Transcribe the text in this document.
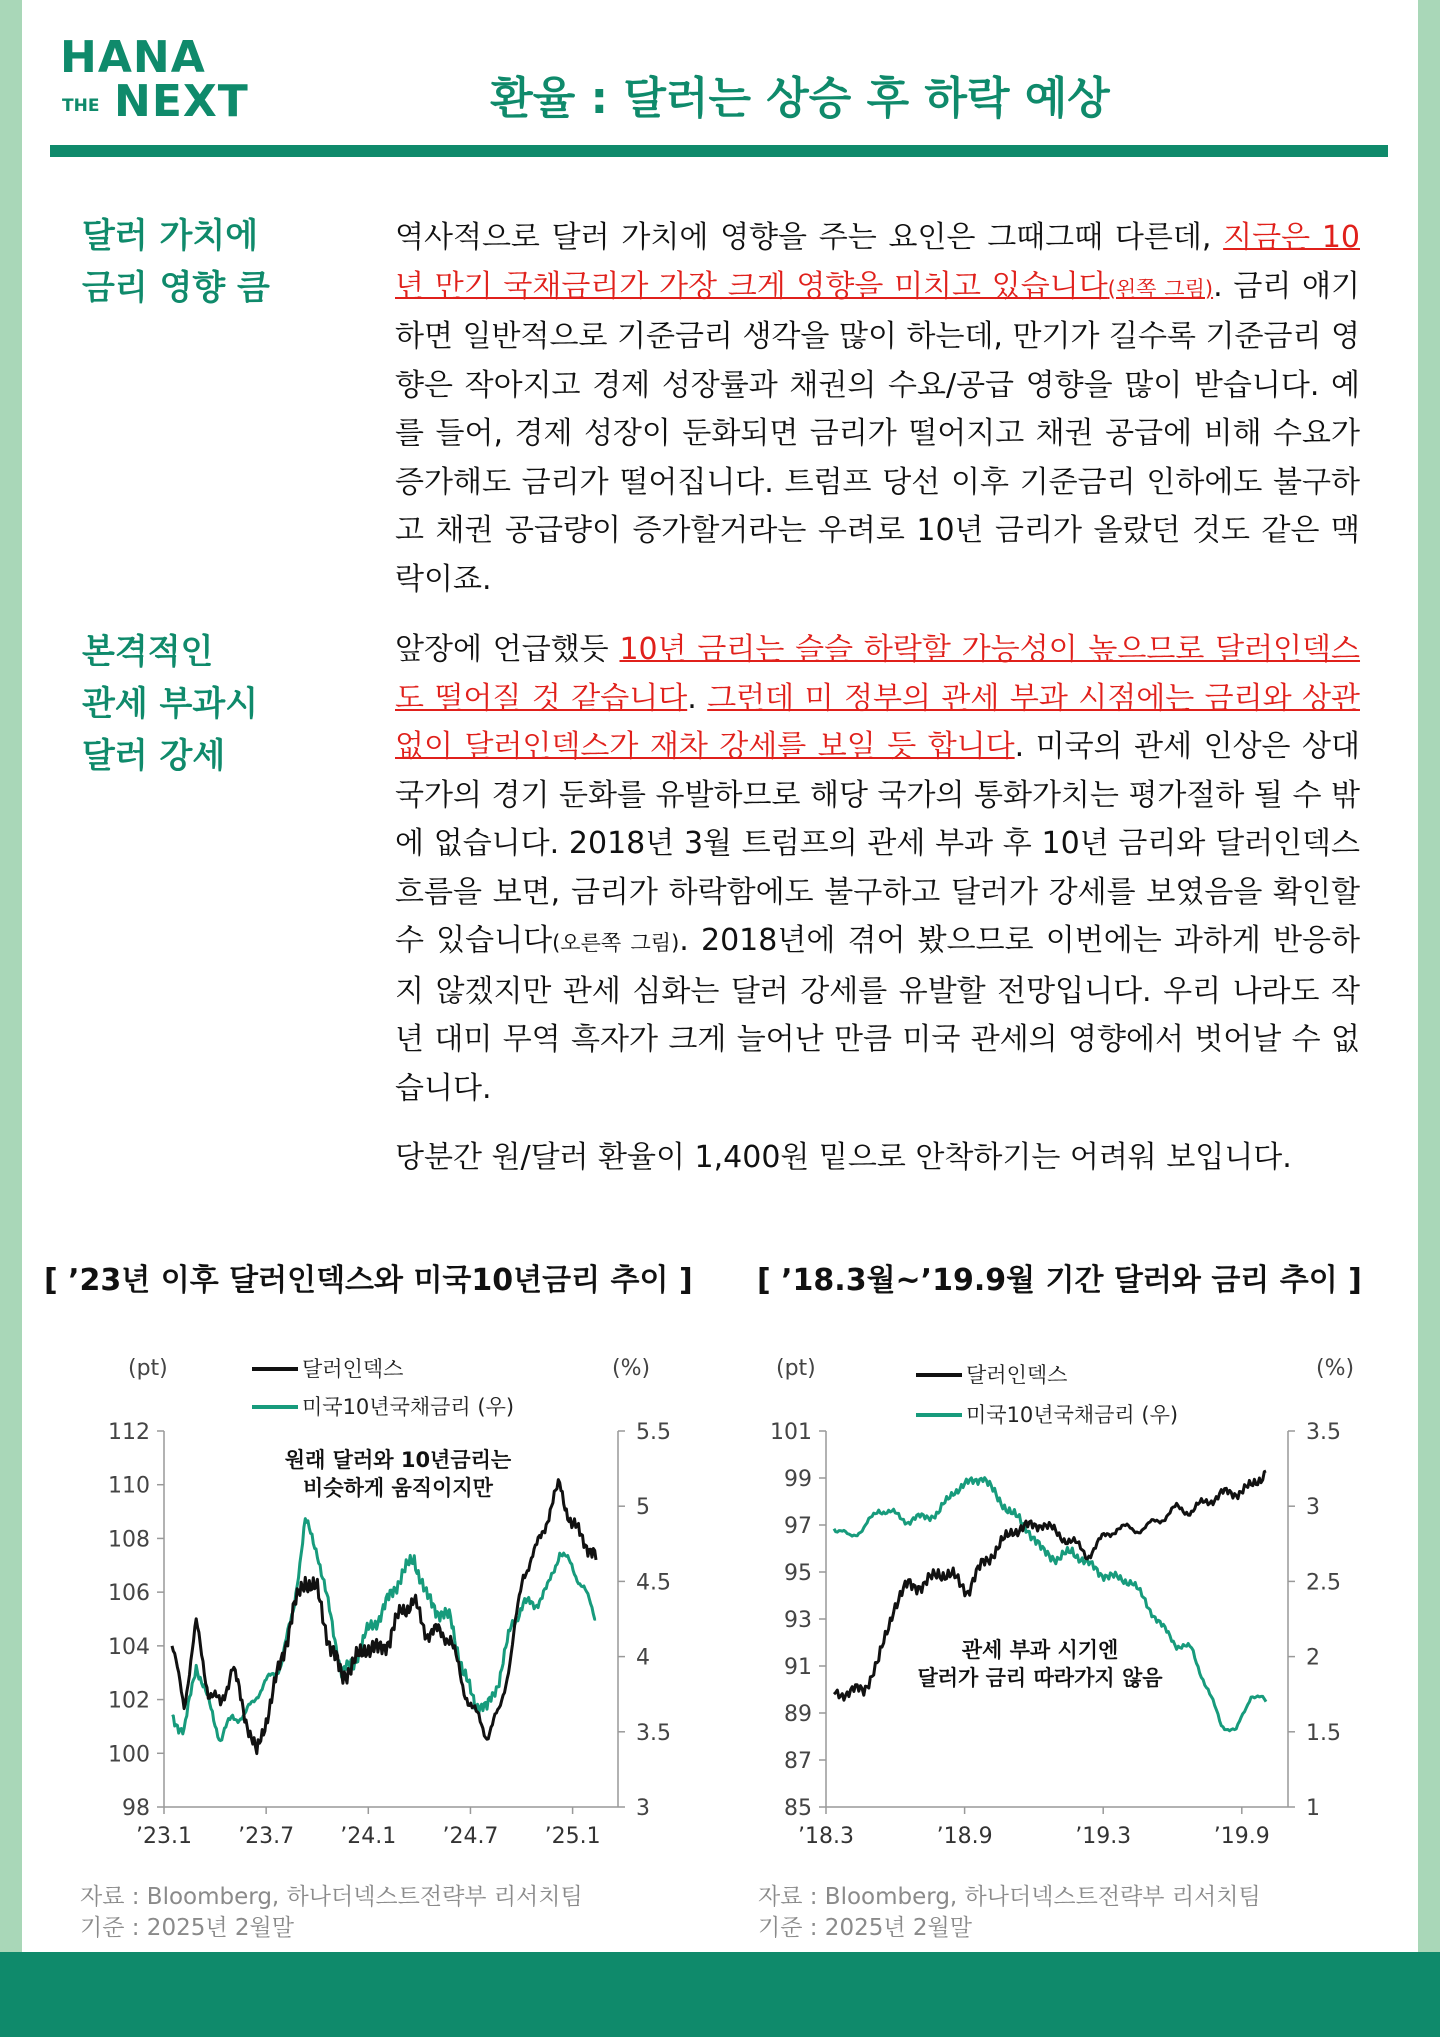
HANA
THE NEXT	환율 : 달러는 상승 후 하락 예상
달러 가치에
금리 영향 큼
역사적으로 달러 가치에 영향을 주는 요인은 그때그때 다른데, 지금은 10년 만기 국채금리가 가장 크게 영향을 미치고 있습니다(왼쪽 그림). 금리 얘기하면 일반적으로 기준금리 생각을 많이 하는데, 만기가 길수록 기준금리 영향은 작아지고 경제 성장률과 채권의 수요/공급 영향을 많이 받습니다. 예를 들어, 경제 성장이 둔화되면 금리가 떨어지고 채권 공급에 비해 수요가 증가해도 금리가 떨어집니다. 트럼프 당선 이후 기준금리 인하에도 불구하고 채권 공급량이 증가할거라는 우려로 10년 금리가 올랐던 것도 같은 맥락이죠.
본격적인
관세 부과시
달러 강세
앞장에 언급했듯 10년 금리는 슬슬 하락할 가능성이 높으므로 달러인덱스도 떨어질 것 같습니다. 그런데 미 정부의 관세 부과 시점에는 금리와 상관없이 달러인덱스가 재차 강세를 보일 듯 합니다. 미국의 관세 인상은 상대 국가의 경기 둔화를 유발하므로 해당 국가의 통화가치는 평가절하 될 수 밖에 없습니다. 2018년 3월 트럼프의 관세 부과 후 10년 금리와 달러인덱스 흐름을 보면, 금리가 하락함에도 불구하고 달러가 강세를 보였음을 확인할 수 있습니다(오른쪽 그림). 2018년에 겪어 봤으므로 이번에는 과하게 반응하지 않겠지만 관세 심화는 달러 강세를 유발할 전망입니다. 우리 나라도 작년 대미 무역 흑자가 크게 늘어난 만큼 미국 관세의 영향에서 벗어날 수 없습니다.
당분간 원/달러 환율이 1,400원 밑으로 안착하기는 어려워 보입니다.
[ ’23년 이후 달러인덱스와 미국10년금리 추이 ] [ ’18.3월~’19.9월 기간 달러와 금리 추이 ]
(pt)	(%)
달러인덱스
미국10년국채금리 (우)
원래 달러와 10년금리는
비슷하게 움직이지만
112
110
108
106
104
102
100
98
5.5
5
4.5
4
3.5
3
’23.1 ’23.7 ’24.1 ’24.7 ’25.1
(pt)	(%)
달러인덱스
미국10년국채금리 (우)
관세 부과 시기엔
달러가 금리 따라가지 않음
101
99
97
95
93
91
89
87
85
3.5
3
2.5
2
1.5
1
’18.3	’18.9	’19.3	’19.9
자료 : Bloomberg, 하나더넥스트전략부 리서치팀
기준 : 2025년 2월말
자료 : Bloomberg, 하나더넥스트전략부 리서치팀
기준 : 2025년 2월말
